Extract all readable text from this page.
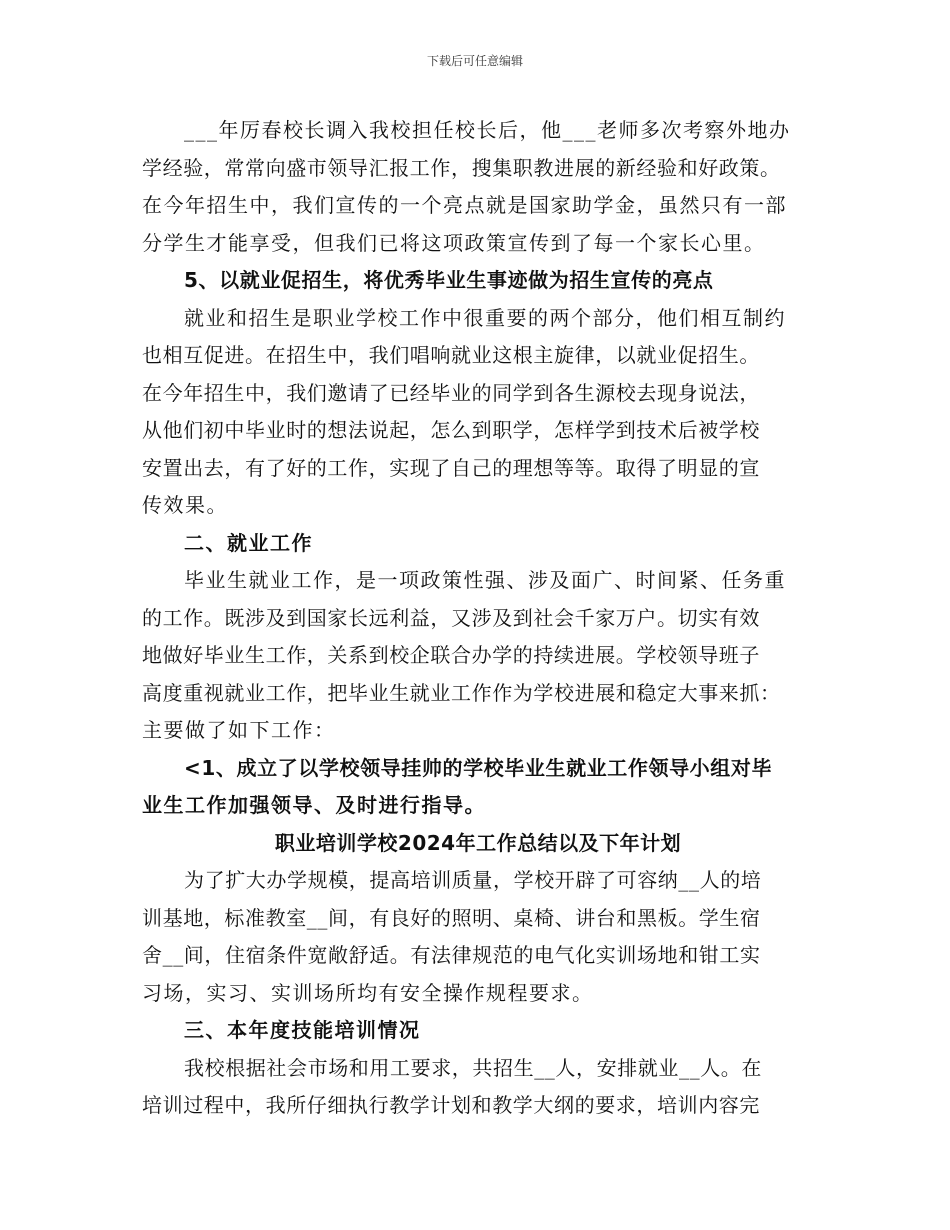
下载后可任意编辑
___年厉春校长调入我校担任校长后，他___老师多次考察外地办
学经验，常常向盛市领导汇报工作，搜集职教进展的新经验和好政策。
在今年招生中，我们宣传的一个亮点就是国家助学金，虽然只有一部
分学生才能享受，但我们已将这项政策宣传到了每一个家长心里。
5、以就业促招生，将优秀毕业生事迹做为招生宣传的亮点
就业和招生是职业学校工作中很重要的两个部分，他们相互制约
也相互促进。在招生中，我们唱响就业这根主旋律，以就业促招生。
在今年招生中，我们邀请了已经毕业的同学到各生源校去现身说法，
从他们初中毕业时的想法说起，怎么到职学，怎样学到技术后被学校
安置出去，有了好的工作，实现了自己的理想等等。取得了明显的宣
传效果。
二、就业工作
毕业生就业工作，是一项政策性强、涉及面广、时间紧、任务重
的工作。既涉及到国家长远利益，又涉及到社会千家万户。切实有效
地做好毕业生工作，关系到校企联合办学的持续进展。学校领导班子
高度重视就业工作，把毕业生就业工作作为学校进展和稳定大事来抓：
主要做了如下工作：
<1、成立了以学校领导挂帅的学校毕业生就业工作领导小组对毕
业生工作加强领导、及时进行指导。
职业培训学校2024年工作总结以及下年计划
为了扩大办学规模，提高培训质量，学校开辟了可容纳__人的培
训基地，标准教室__间，有良好的照明、桌椅、讲台和黑板。学生宿
舍__间，住宿条件宽敞舒适。有法律规范的电气化实训场地和钳工实
习场，实习、实训场所均有安全操作规程要求。
三、本年度技能培训情况
我校根据社会市场和用工要求，共招生__人，安排就业__人。在
培训过程中，我所仔细执行教学计划和教学大纲的要求，培训内容完
